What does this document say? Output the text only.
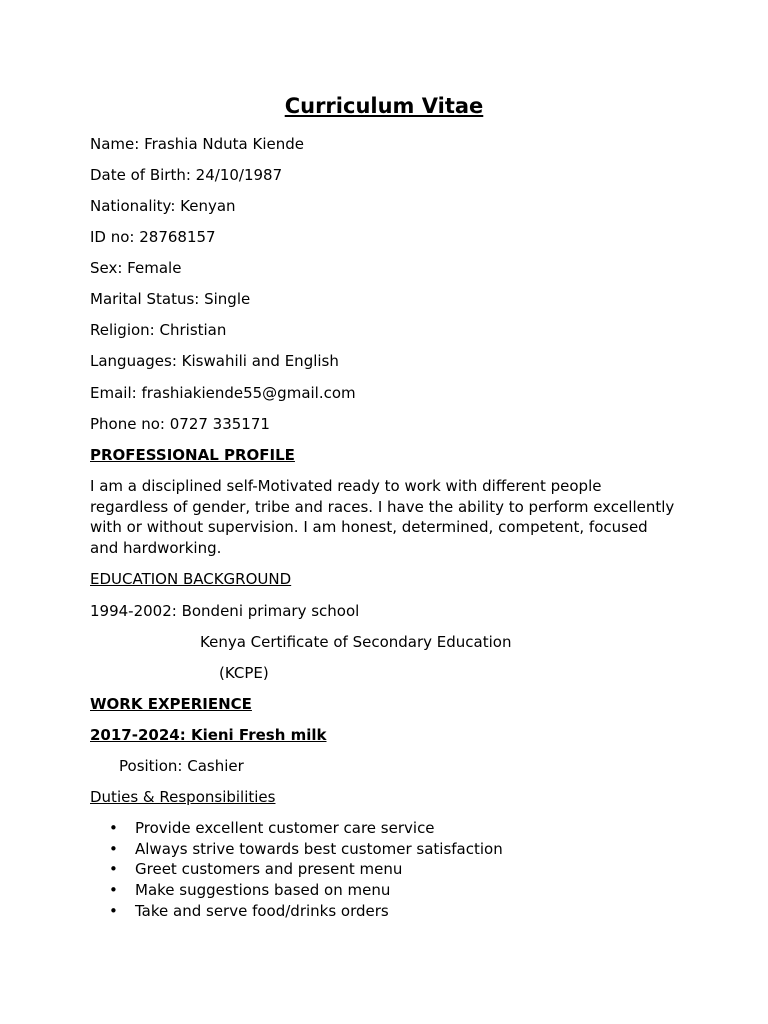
Curriculum Vitae
Name: Frashia Nduta Kiende
Date of Birth: 24/10/1987
Nationality: Kenyan
ID no: 28768157
Sex: Female
Marital Status: Single
Religion: Christian
Languages: Kiswahili and English
Email: frashiakiende55@gmail.com
Phone no: 0727 335171
PROFESSIONAL PROFILE
I am a disciplined self-Motivated ready to work with different people
regardless of gender, tribe and races. I have the ability to perform excellently
with or without supervision. I am honest, determined, competent, focused
and hardworking.
EDUCATION BACKGROUND
1994-2002: Bondeni primary school
Kenya Certificate of Secondary Education
(KCPE)
WORK EXPERIENCE
2017-2024: Kieni Fresh milk
Position: Cashier
Duties & Responsibilities
• Provide excellent customer care service
• Always strive towards best customer satisfaction
• Greet customers and present menu
• Make suggestions based on menu
• Take and serve food/drinks orders
